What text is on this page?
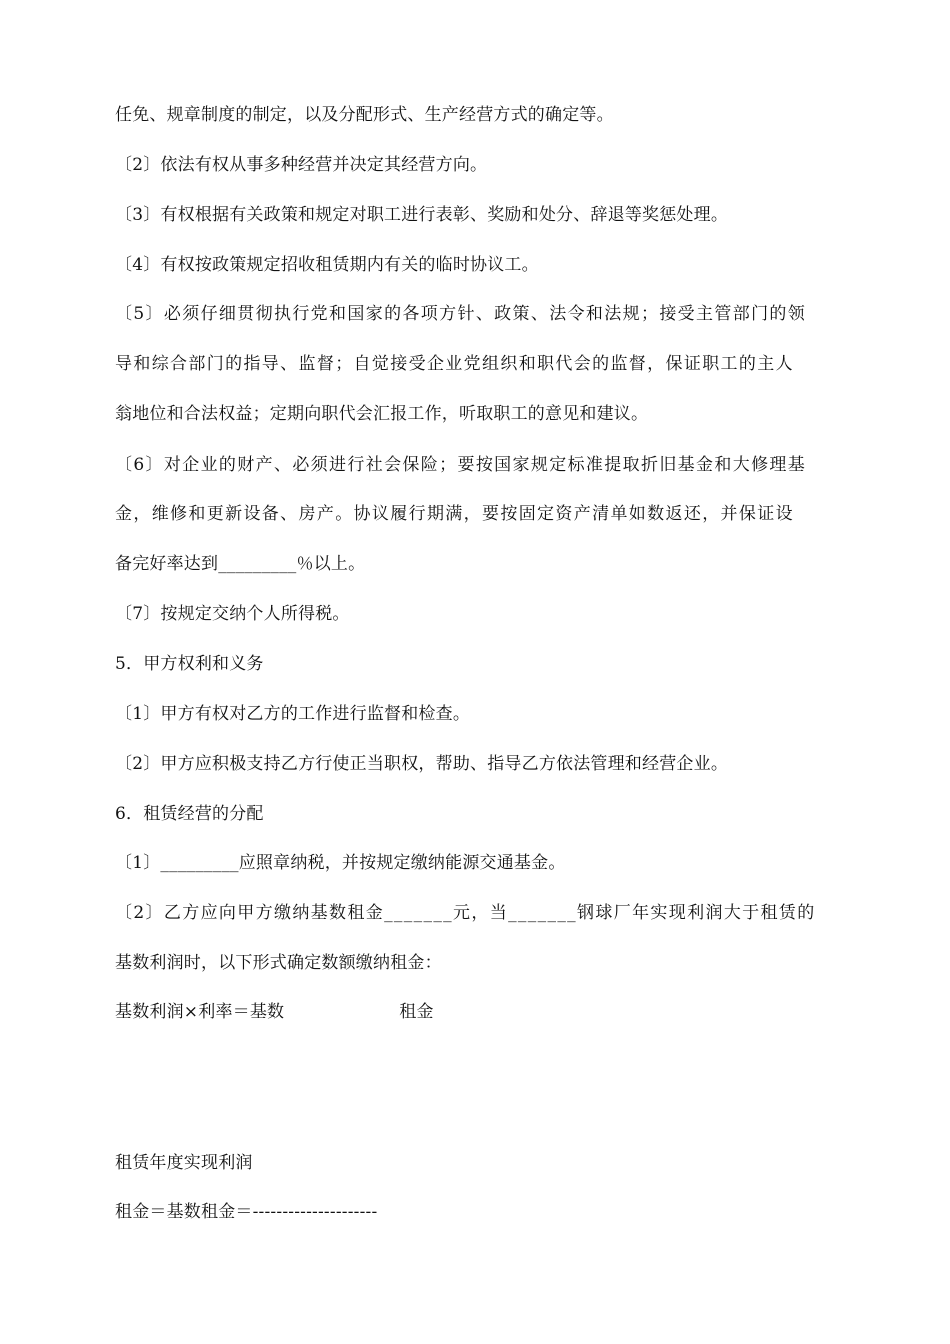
任免、规章制度的制定，以及分配形式、生产经营方式的确定等。
〔2〕依法有权从事多种经营并决定其经营方向。
〔3〕有权根据有关政策和规定对职工进行表彰、奖励和处分、辞退等奖惩处理。
〔4〕有权按政策规定招收租赁期内有关的临时协议工。
〔5〕必须仔细贯彻执行党和国家的各项方针、政策、法令和法规；接受主管部门的领
导和综合部门的指导、监督；自觉接受企业党组织和职代会的监督，保证职工的主人
翁地位和合法权益；定期向职代会汇报工作，听取职工的意见和建议。
〔6〕对企业的财产、必须进行社会保险；要按国家规定标准提取折旧基金和大修理基
金，维修和更新设备、房产。协议履行期满，要按固定资产清单如数返还，并保证设
备完好率达到_________％以上。
〔7〕按规定交纳个人所得税。
5．甲方权利和义务
〔1〕甲方有权对乙方的工作进行监督和检查。
〔2〕甲方应积极支持乙方行使正当职权，帮助、指导乙方依法管理和经营企业。
6．租赁经营的分配
〔1〕_________应照章纳税，并按规定缴纳能源交通基金。
〔2〕乙方应向甲方缴纳基数租金_______元，当_______钢球厂年实现利润大于租赁的
基数利润时，以下形式确定数额缴纳租金：
基数利润×利率＝基数	租金
租赁年度实现利润
租金＝基数租金＝---------------------
